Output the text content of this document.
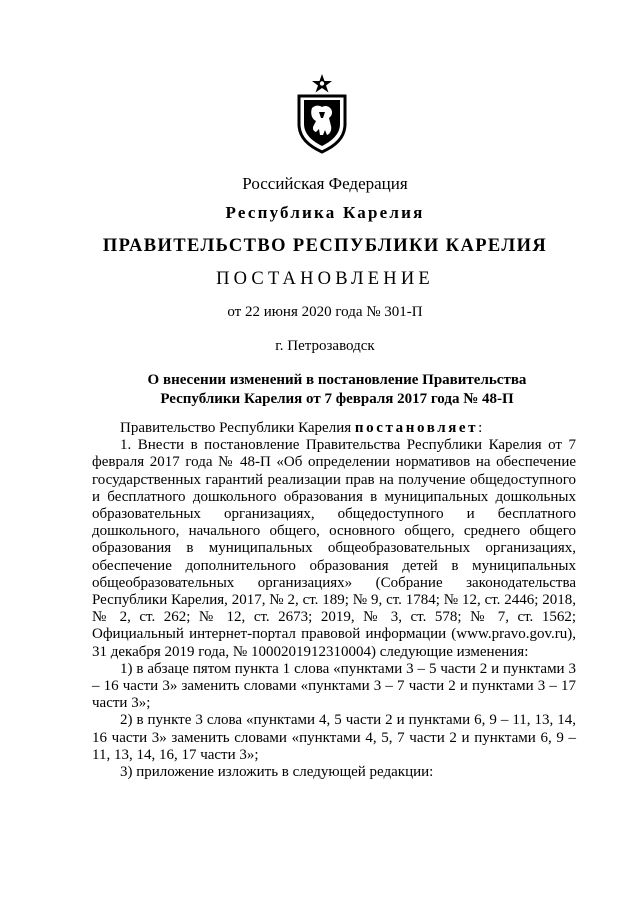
Российская Федерация
Республика Карелия
ПРАВИТЕЛЬСТВО РЕСПУБЛИКИ КАРЕЛИЯ
ПОСТАНОВЛЕНИЕ
от 22 июня 2020 года № 301-П
г. Петрозаводск
О внесении изменений в постановление Правительства
Республики Карелия от 7 февраля 2017 года № 48-П

Правительство Республики Карелия постановляет:

1. Внести в постановление Правительства Республики Карелия от 7 февраля 2017 года № 48-П «Об определении нормативов на обеспечение государственных гарантий реализации прав на получение общедоступного и бесплатного дошкольного образования в муниципальных дошкольных образовательных организациях, общедоступного и бесплатного дошкольного, начального общего, основного общего, среднего общего образования в муниципальных общеобразовательных организациях, обеспечение дополнительного образования детей в муниципальных общеобразовательных организациях» (Собрание законодательства Республики Карелия, 2017, № 2, ст. 189; № 9, ст. 1784; № 12, ст. 2446; 2018, № 2, ст. 262; № 12, ст. 2673; 2019, № 3, ст. 578; № 7, ст. 1562; Официальный интернет-портал правовой информации (www.pravo.gov.ru), 31 декабря 2019 года, № 1000201912310004) следующие изменения:

1) в абзаце пятом пункта 1 слова «пунктами 3 – 5 части 2 и пунктами 3 – 16 части 3» заменить словами «пунктами 3 – 7 части 2 и пунктами 3 – 17 части 3»;

2) в пункте 3 слова «пунктами 4, 5 части 2 и пунктами 6, 9 – 11, 13, 14, 16 части 3» заменить словами «пунктами 4, 5, 7 части 2 и пунктами 6, 9 – 11, 13, 14, 16, 17 части 3»;

3) приложение изложить в следующей редакции:
